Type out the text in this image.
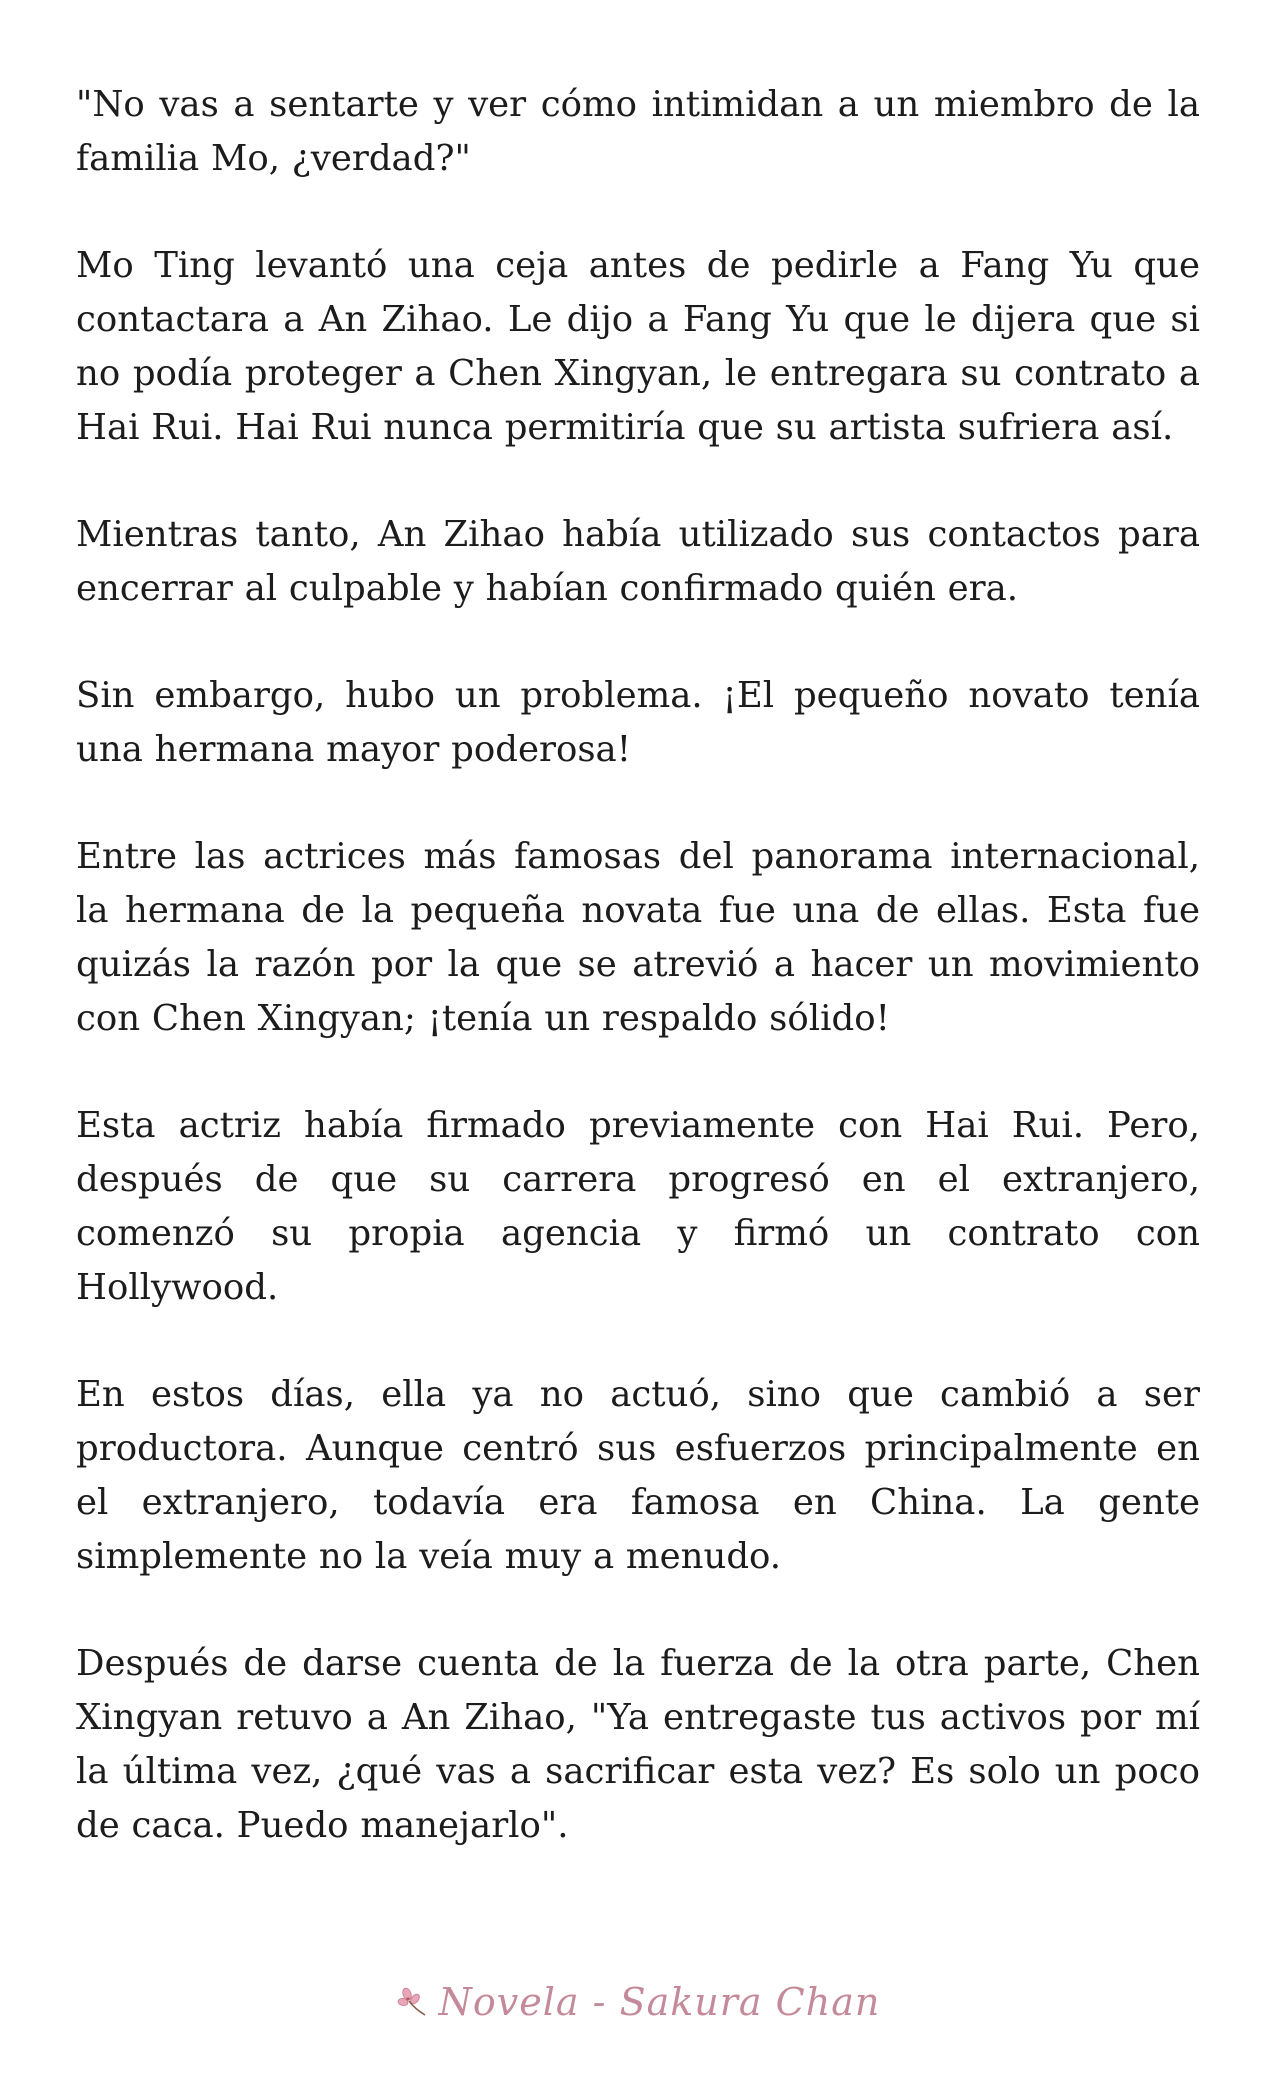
"No vas a sentarte y ver cómo intimidan a un miembro de la familia Mo, ¿verdad?"

Mo Ting levantó una ceja antes de pedirle a Fang Yu que contactara a An Zihao. Le dijo a Fang Yu que le dijera que si no podía proteger a Chen Xingyan, le entregara su contrato a Hai Rui. Hai Rui nunca permitiría que su artista sufriera así.

Mientras tanto, An Zihao había utilizado sus contactos para encerrar al culpable y habían confirmado quién era.

Sin embargo, hubo un problema. ¡El pequeño novato tenía una hermana mayor poderosa!

Entre las actrices más famosas del panorama internacional, la hermana de la pequeña novata fue una de ellas. Esta fue quizás la razón por la que se atrevió a hacer un movimiento con Chen Xingyan; ¡tenía un respaldo sólido!

Esta actriz había firmado previamente con Hai Rui. Pero, después de que su carrera progresó en el extranjero, comenzó su propia agencia y firmó un contrato con Hollywood.

En estos días, ella ya no actuó, sino que cambió a ser productora. Aunque centró sus esfuerzos principalmente en el extranjero, todavía era famosa en China. La gente simplemente no la veía muy a menudo.

Después de darse cuenta de la fuerza de la otra parte, Chen Xingyan retuvo a An Zihao, "Ya entregaste tus activos por mí la última vez, ¿qué vas a sacrificar esta vez? Es solo un poco de caca. Puedo manejarlo".

Novela - Sakura Chan
